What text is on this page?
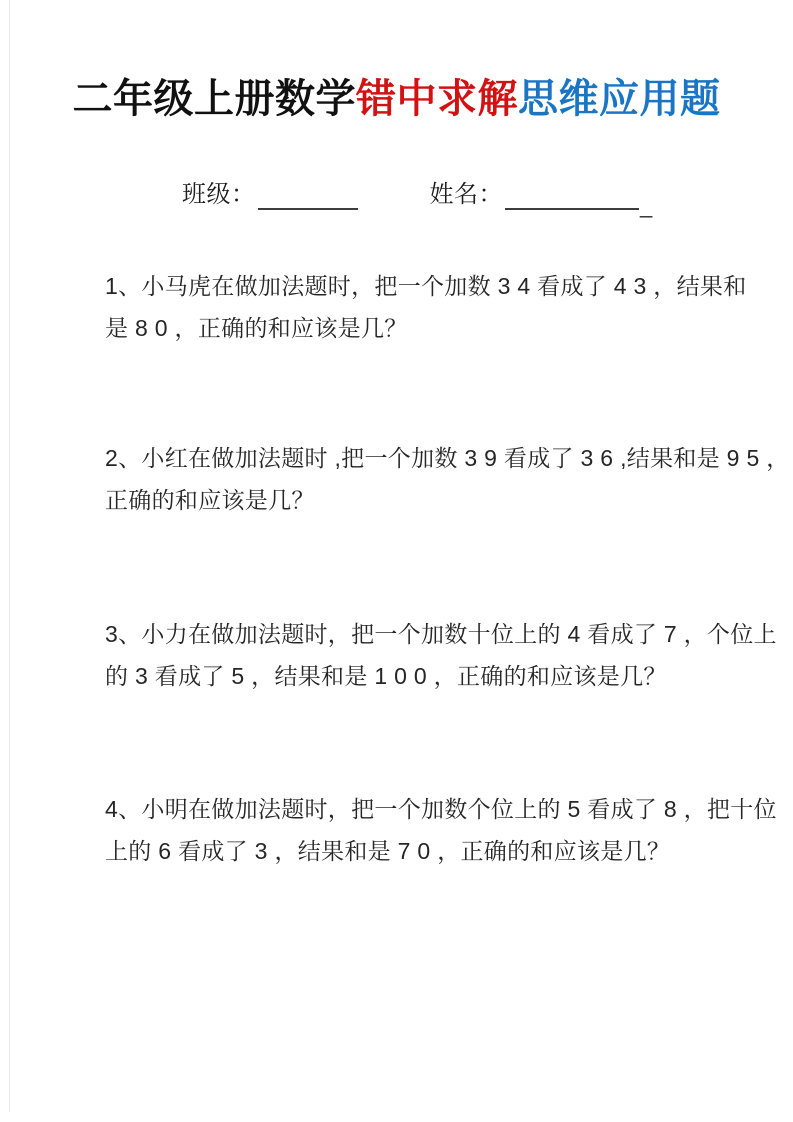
二年级上册数学错中求解思维应用题
班级：	姓名：	_
1、小马虎在做加法题时，把一个加数 3 4 看成了 4 3 ，结果和
是 8 0 ，正确的和应该是几？
2、小红在做加法题时 ,把一个加数 3 9 看成了 3 6 ,结果和是 9 5 ，
正确的和应该是几？
3、小力在做加法题时，把一个加数十位上的 4 看成了 7 ，个位上
的 3 看成了 5 ，结果和是 1 0 0 ，正确的和应该是几？
4、小明在做加法题时，把一个加数个位上的 5 看成了 8 ，把十位
上的 6 看成了 3 ，结果和是 7 0 ，正确的和应该是几？
